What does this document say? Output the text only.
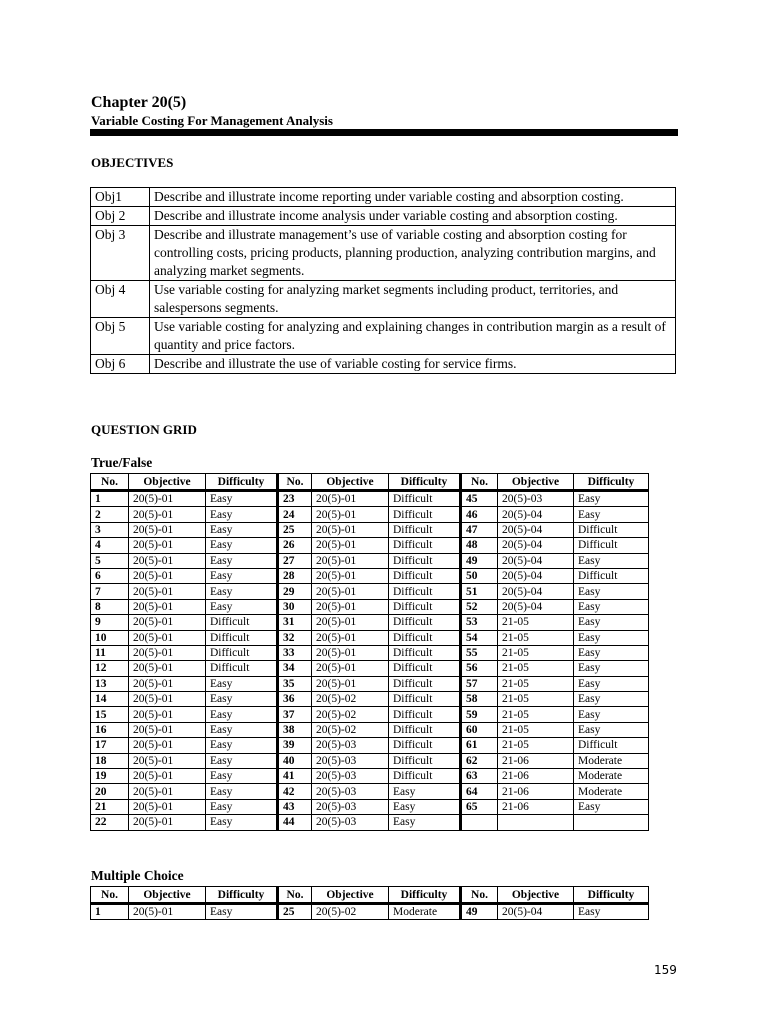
Chapter 20(5)
Variable Costing For Management Analysis
OBJECTIVES
Obj1	Describe and illustrate income reporting under variable costing and absorption costing.
Obj 2	Describe and illustrate income analysis under variable costing and absorption costing.
Obj 3	Describe and illustrate management’s use of variable costing and absorption costing for controlling costs, pricing products, planning production, analyzing contribution margins, and analyzing market segments.
Obj 4	Use variable costing for analyzing market segments including product, territories, and salespersons segments.
Obj 5	Use variable costing for analyzing and explaining changes in contribution margin as a result of quantity and price factors.
Obj 6	Describe and illustrate the use of variable costing for service firms.
QUESTION GRID
True/False
No.	Objective	Difficulty	No.	Objective	Difficulty	No.	Objective	Difficulty
1	20(5)-01	Easy	23	20(5)-01	Difficult	45	20(5)-03	Easy
2	20(5)-01	Easy	24	20(5)-01	Difficult	46	20(5)-04	Easy
3	20(5)-01	Easy	25	20(5)-01	Difficult	47	20(5)-04	Difficult
4	20(5)-01	Easy	26	20(5)-01	Difficult	48	20(5)-04	Difficult
5	20(5)-01	Easy	27	20(5)-01	Difficult	49	20(5)-04	Easy
6	20(5)-01	Easy	28	20(5)-01	Difficult	50	20(5)-04	Difficult
7	20(5)-01	Easy	29	20(5)-01	Difficult	51	20(5)-04	Easy
8	20(5)-01	Easy	30	20(5)-01	Difficult	52	20(5)-04	Easy
9	20(5)-01	Difficult	31	20(5)-01	Difficult	53	21-05	Easy
10	20(5)-01	Difficult	32	20(5)-01	Difficult	54	21-05	Easy
11	20(5)-01	Difficult	33	20(5)-01	Difficult	55	21-05	Easy
12	20(5)-01	Difficult	34	20(5)-01	Difficult	56	21-05	Easy
13	20(5)-01	Easy	35	20(5)-01	Difficult	57	21-05	Easy
14	20(5)-01	Easy	36	20(5)-02	Difficult	58	21-05	Easy
15	20(5)-01	Easy	37	20(5)-02	Difficult	59	21-05	Easy
16	20(5)-01	Easy	38	20(5)-02	Difficult	60	21-05	Easy
17	20(5)-01	Easy	39	20(5)-03	Difficult	61	21-05	Difficult
18	20(5)-01	Easy	40	20(5)-03	Difficult	62	21-06	Moderate
19	20(5)-01	Easy	41	20(5)-03	Difficult	63	21-06	Moderate
20	20(5)-01	Easy	42	20(5)-03	Easy	64	21-06	Moderate
21	20(5)-01	Easy	43	20(5)-03	Easy	65	21-06	Easy
22	20(5)-01	Easy	44	20(5)-03	Easy			
Multiple Choice
No.	Objective	Difficulty	No.	Objective	Difficulty	No.	Objective	Difficulty
1	20(5)-01	Easy	25	20(5)-02	Moderate	49	20(5)-04	Easy
159
